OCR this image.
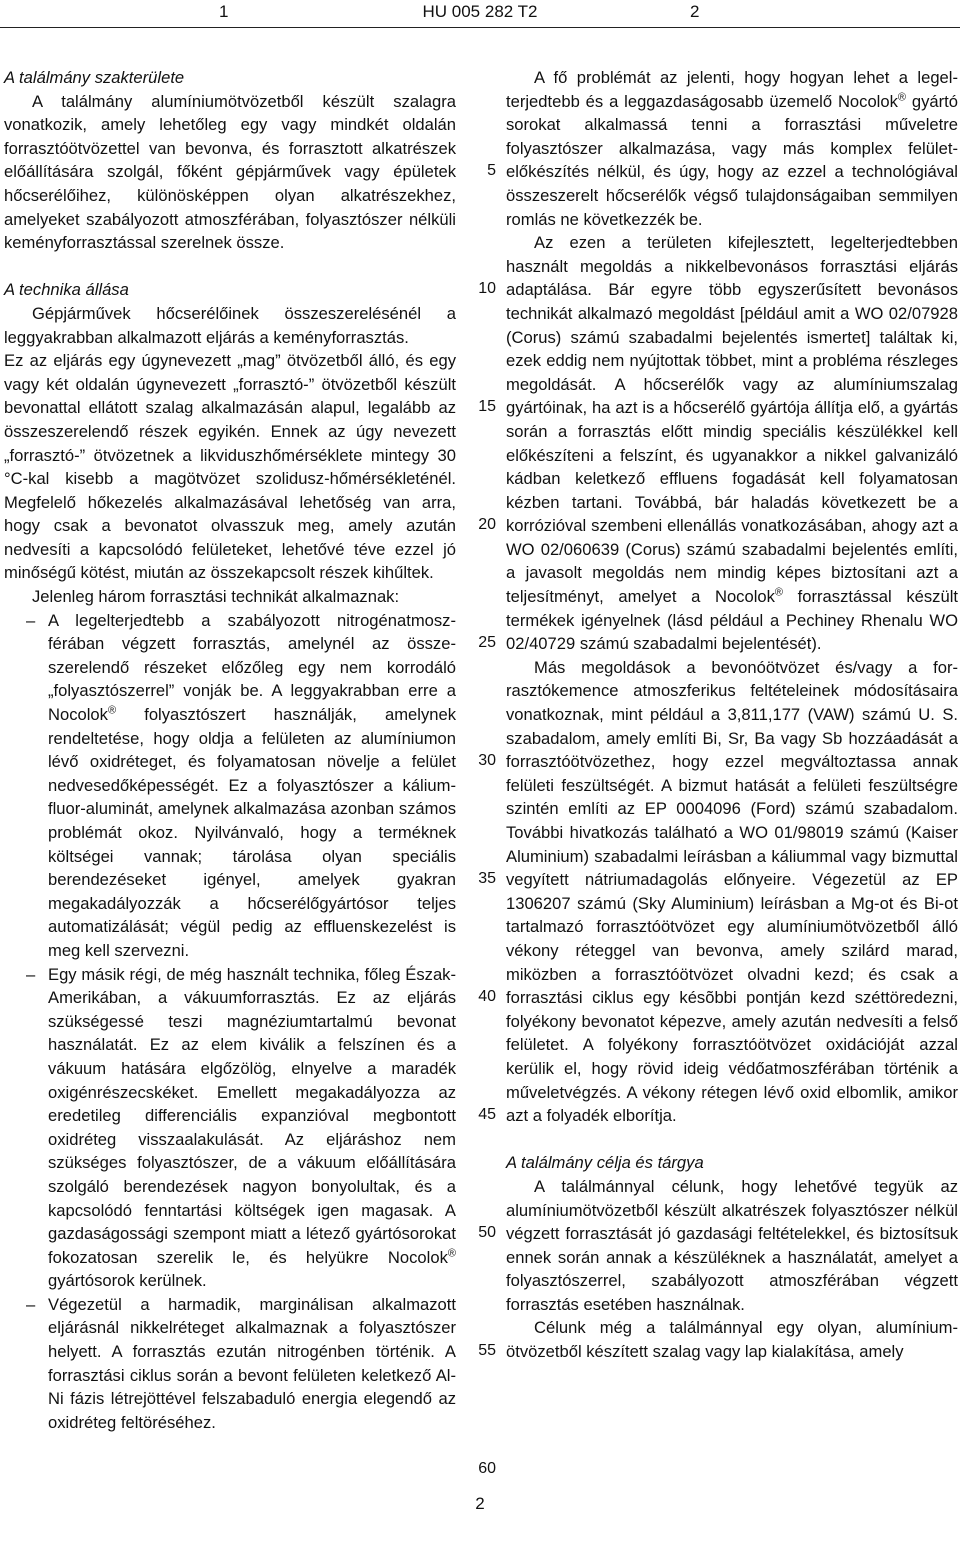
1	HU 005 282 T2	2
A találmány szakterülete

A találmány alumíniumötvözetből készült szalagra vonatkozik, amely lehetőleg egy vagy mindkét oldalán forrasztóötvözettel van bevonva, és forrasztott alkatrészek előállítására szolgál, főként gépjárművek vagy épületek hőcserélőihez, különösképpen olyan alkatrészekhez, amelyeket szabályozott atmoszférában, folyasztószer nélküli keményforrasztással szerelnek össze.

A technika állása

Gépjárművek hőcserélőinek összeszerelésénél a leggyakrabban alkalmazott eljárás a keményforrasztás.

Ez az eljárás egy úgynevezett „mag” ötvözetből álló, és egy vagy két oldalán úgynevezett „forrasztó-” ötvözetből készült bevonattal ellátott szalag alkalmazásán alapul, legalább az összeszerelendő részek egyikén. Ennek az úgy nevezett „forrasztó-” ötvözetnek a likviduszhőmérséklete mintegy 30 °C-kal kisebb a magötvözet szolidusz-hőmérsékleténél. Megfelelő hőkezelés alkalmazásával lehetőség van arra, hogy csak a bevonatot olvasszuk meg, amely azután nedvesíti a kapcsolódó felületeket, lehetővé téve ezzel jó minőségű kötést, miután az összekapcsolt részek kihűltek.

Jelenleg három forrasztási technikát alkalmaznak:

– A legelterjedtebb a szabályozott nitrogénatmoszférában végzett forrasztás, amelynél az összeszerelendő részeket előzőleg egy nem korrodáló „folyasztószerrel” vonják be. A leggyakrabban erre a Nocolok® folyasztószert használják, amelynek rendeltetése, hogy oldja a felületen az alumíniumon lévő oxidréteget, és folyamatosan növelje a felület nedvesedőképességét. Ez a folyasztószer a kálium-fluor-aluminát, amelynek alkalmazása azonban számos problémát okoz. Nyilvánvaló, hogy a terméknek költségei vannak; tárolása olyan speciális berendezéseket igényel, amelyek gyakran megakadályozzák a hőcserélőgyártósor teljes automatizálását; végül pedig az effluenskezelést is meg kell szervezni.

– Egy másik régi, de még használt technika, főleg Észak-Amerikában, a vákuumforrasztás. Ez az eljárás szükségessé teszi magnéziumtartalmú bevonat használatát. Ez az elem kiválik a felszínen és a vákuum hatására elgőzölög, elnyelve a maradék oxigénrészecskéket. Emellett megakadályozza az eredetileg differenciális expanzióval megbontott oxidréteg visszaalakulását. Az eljáráshoz nem szükséges folyasztószer, de a vákuum előállítására szolgáló berendezések nagyon bonyolultak, és a kapcsolódó fenntartási költségek igen magasak. A gazdaságossági szempont miatt a létező gyártósorokat fokozatosan szerelik le, és helyükre Nocolok® gyártósorok kerülnek.

– Végezetül a harmadik, marginálisan alkalmazott eljárásnál nikkelréteget alkalmaznak a folyasztószer helyett. A forrasztás ezután nitrogénben történik. A forrasztási ciklus során a bevont felületen keletkező Al-Ni fázis létrejöttével felszabaduló energia elegendő az oxidréteg feltöréséhez.

5
10
15
20
25
30
35
40
45
50
55
60

A fő problémát az jelenti, hogy hogyan lehet a legelterjedtebb és a leggazdaságosabb üzemelő Nocolok® gyártó sorokat alkalmassá tenni a forrasztási műveletre folyasztószer alkalmazása, vagy más komplex felületelőkészítés nélkül, és úgy, hogy az ezzel a technológiával összeszerelt hőcserélők végső tulajdonságaiban semmilyen romlás ne következzék be.

Az ezen a területen kifejlesztett, legelterjedtebben használt megoldás a nikkelbevonásos forrasztási eljárás adaptálása. Bár egyre több egyszerűsített bevonásos technikát alkalmazó megoldást [például amit a WO 02/07928 (Corus) számú szabadalmi bejelentés ismertet] találtak ki, ezek eddig nem nyújtottak többet, mint a probléma részleges megoldását. A hőcserélők vagy az alumíniumszalag gyártóinak, ha azt is a hőcserélő gyártója állítja elő, a gyártás során a forrasztás előtt mindig speciális készülékkel kell előkészíteni a felszínt, és ugyanakkor a nikkel galvanizáló kádban keletkező effluens fogadását kell folyamatosan kézben tartani. Továbbá, bár haladás következett be a korrózióval szembeni ellenállás vonatkozásában, ahogy azt a WO 02/060639 (Corus) számú szabadalmi bejelentés említi, a javasolt megoldás nem mindig képes biztosítani azt a teljesítményt, amelyet a Nocolok® forrasztással készült termékek igényelnek (lásd például a Pechiney Rhenalu WO 02/40729 számú szabadalmi bejelentését).

Más megoldások a bevonóötvözet és/vagy a forrasztókemence atmoszferikus feltételeinek módosításaira vonatkoznak, mint például a 3,811,177 (VAW) számú U. S. szabadalom, amely említi Bi, Sr, Ba vagy Sb hozzáadását a forrasztóötvözethez, hogy ezzel megváltoztassa annak felületi feszültségét. A bizmut hatását a felületi feszültségre szintén említi az EP 0004096 (Ford) számú szabadalom. További hivatkozás található a WO 01/98019 számú (Kaiser Aluminium) szabadalmi leírásban a káliummal vagy bizmuttal vegyített nátriumadagolás előnyeire. Végezetül az EP 1306207 számú (Sky Aluminium) leírásban a Mg-ot és Bi-ot tartalmazó forrasztóötvözet egy alumíniumötvözetből álló vékony réteggel van bevonva, amely szilárd marad, miközben a forrasztóötvözet olvadni kezd; és csak a forrasztási ciklus egy késõbbi pontján kezd széttöredezni, folyékony bevonatot képezve, amely azután nedvesíti a felső felületet. A folyékony forrasztóötvözet oxidációját azzal kerülik el, hogy rövid ideig védőatmoszférában történik a műveletvégzés. A vékony rétegen lévő oxid elbomlik, amikor azt a folyadék elborítja.

A találmány célja és tárgya

A találmánnyal célunk, hogy lehetővé tegyük az alumíniumötvözetből készült alkatrészek folyasztószer nélkül végzett forrasztását jó gazdasági feltételekkel, és biztosítsuk ennek során annak a készüléknek a használatát, amelyet a folyasztószerrel, szabályozott atmoszférában végzett forrasztás esetében használnak.

Célunk még a találmánnyal egy olyan, alumíniumötvözetből készített szalag vagy lap kialakítása, amely

2
